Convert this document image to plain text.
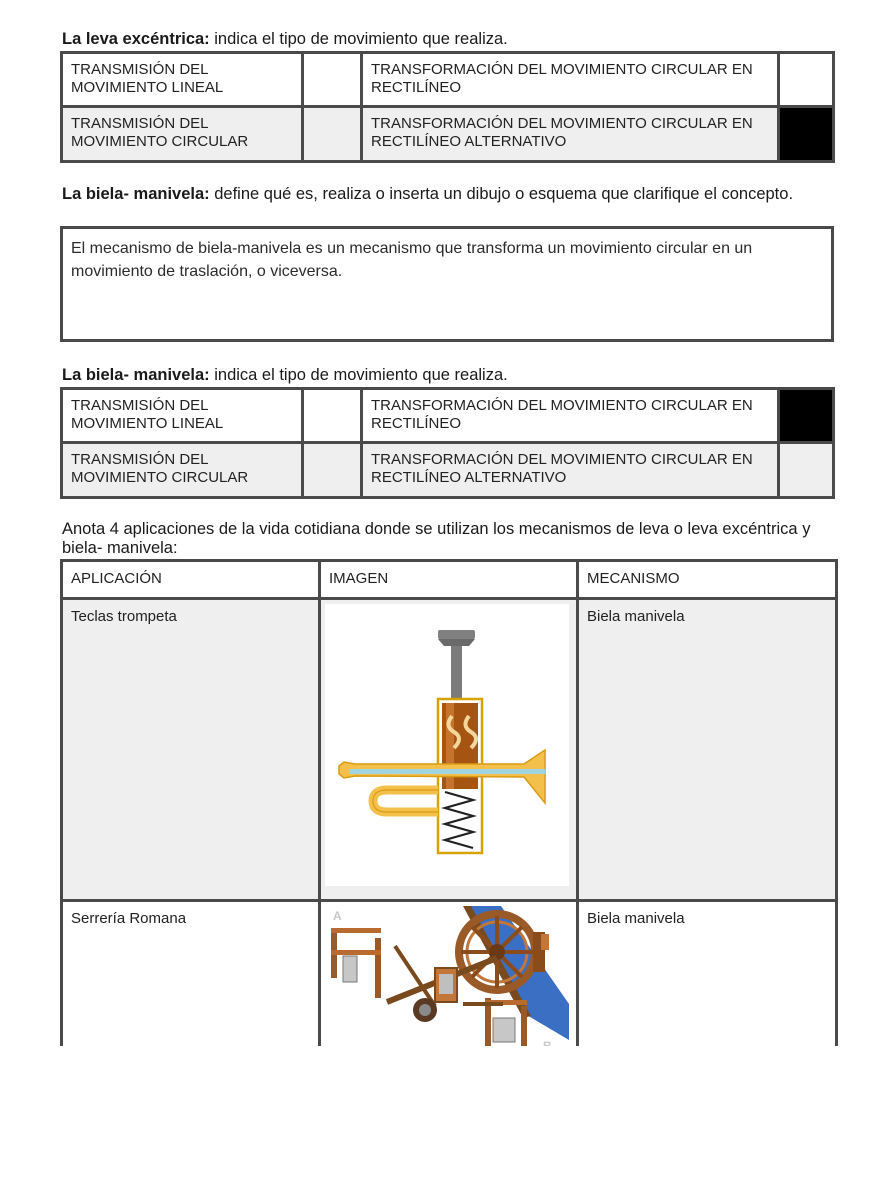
La leva excéntrica: indica el tipo de movimiento que realiza.
TRANSMISIÓN DEL MOVIMIENTO LINEAL		TRANSFORMACIÓN DEL MOVIMIENTO CIRCULAR EN RECTILÍNEO	
TRANSMISIÓN DEL MOVIMIENTO CIRCULAR		TRANSFORMACIÓN DEL MOVIMIENTO CIRCULAR EN RECTILÍNEO ALTERNATIVO	
La biela- manivela: define qué es, realiza o inserta un dibujo o esquema que clarifique el concepto.
El mecanismo de biela-manivela es un mecanismo que transforma un movimiento circular en un movimiento de traslación, o viceversa.
La biela- manivela: indica el tipo de movimiento que realiza.
TRANSMISIÓN DEL MOVIMIENTO LINEAL		TRANSFORMACIÓN DEL MOVIMIENTO CIRCULAR EN RECTILÍNEO	
TRANSMISIÓN DEL MOVIMIENTO CIRCULAR		TRANSFORMACIÓN DEL MOVIMIENTO CIRCULAR EN RECTILÍNEO ALTERNATIVO	
Anota 4 aplicaciones de la vida cotidiana donde se utilizan los mecanismos de leva o leva excéntrica y biela- manivela:
APLICACIÓN	IMAGEN	MECANISMO
Teclas trompeta		Biela manivela
Serrería Romana	A	Biela manivela
